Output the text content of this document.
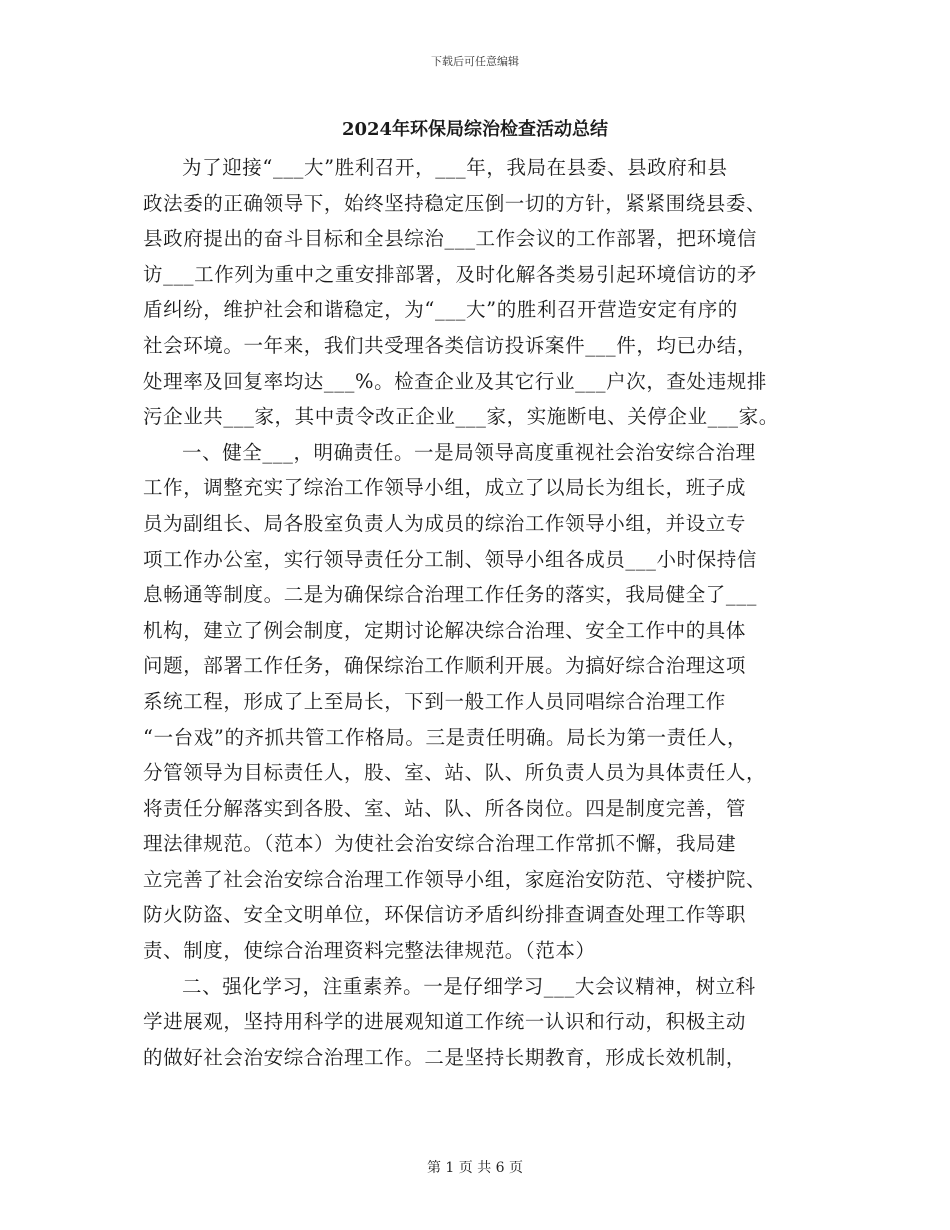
下载后可任意编辑
2024年环保局综治检查活动总结
为了迎接“___大”胜利召开，___年，我局在县委、县政府和县
政法委的正确领导下，始终坚持稳定压倒一切的方针，紧紧围绕县委、
县政府提出的奋斗目标和全县综治___工作会议的工作部署，把环境信
访___工作列为重中之重安排部署，及时化解各类易引起环境信访的矛
盾纠纷，维护社会和谐稳定，为“___大”的胜利召开营造安定有序的
社会环境。一年来，我们共受理各类信访投诉案件___件，均已办结，
处理率及回复率均达___%。检查企业及其它行业___户次，查处违规排
污企业共___家，其中责令改正企业___家，实施断电、关停企业___家。
一、健全___，明确责任。一是局领导高度重视社会治安综合治理
工作，调整充实了综治工作领导小组，成立了以局长为组长，班子成
员为副组长、局各股室负责人为成员的综治工作领导小组，并设立专
项工作办公室，实行领导责任分工制、领导小组各成员___小时保持信
息畅通等制度。二是为确保综合治理工作任务的落实，我局健全了___
机构，建立了例会制度，定期讨论解决综合治理、安全工作中的具体
问题，部署工作任务，确保综治工作顺利开展。为搞好综合治理这项
系统工程，形成了上至局长，下到一般工作人员同唱综合治理工作
“一台戏”的齐抓共管工作格局。三是责任明确。局长为第一责任人，
分管领导为目标责任人，股、室、站、队、所负责人员为具体责任人，
将责任分解落实到各股、室、站、队、所各岗位。四是制度完善，管
理法律规范。（范本）为使社会治安综合治理工作常抓不懈，我局建
立完善了社会治安综合治理工作领导小组，家庭治安防范、守楼护院、
防火防盗、安全文明单位，环保信访矛盾纠纷排查调查处理工作等职
责、制度，使综合治理资料完整法律规范。（范本）
二、强化学习，注重素养。一是仔细学习___大会议精神，树立科
学进展观，坚持用科学的进展观知道工作统一认识和行动，积极主动
的做好社会治安综合治理工作。二是坚持长期教育，形成长效机制，
第 1 页 共 6 页
